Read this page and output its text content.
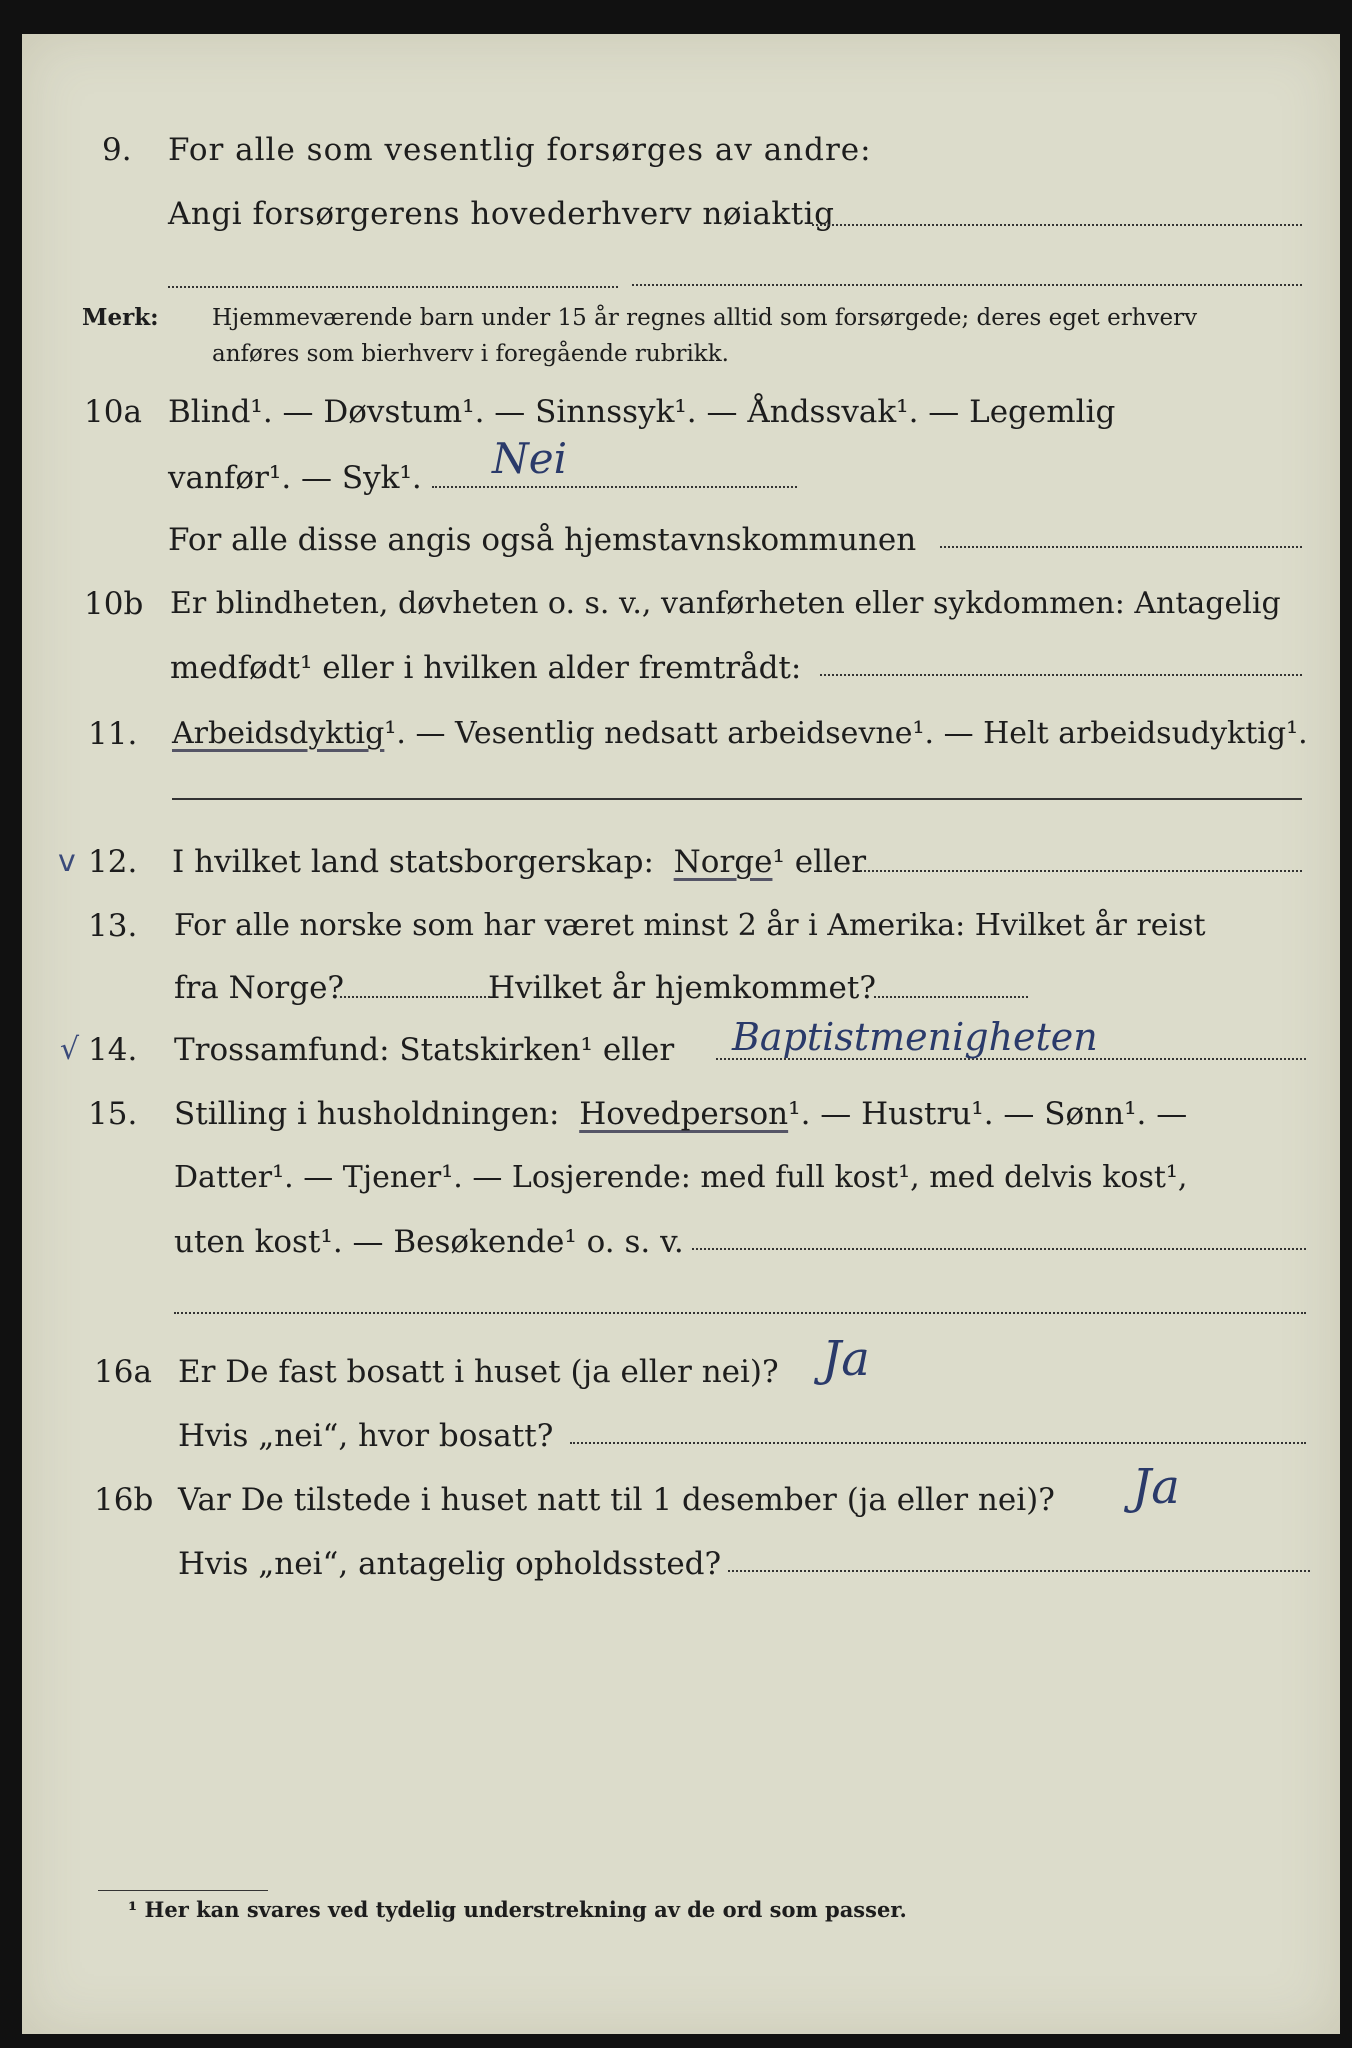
9. For alle som vesentlig forsørges av andre:
Angi forsørgerens hovederhverv nøiaktig
Merk: Hjemmeværende barn under 15 år regnes alltid som forsørgede; deres eget erhverv
anføres som bierhverv i foregående rubrikk.
10a Blind¹. — Døvstum¹. — Sinnssyk¹. — Åndssvak¹. — Legemlig
vanfør¹. — Syk¹. Nei
For alle disse angis også hjemstavnskommunen
10b Er blindheten, døvheten o. s. v., vanførheten eller sykdommen: Antagelig
medfødt¹ eller i hvilken alder fremtrådt:
11. Arbeidsdyktig¹. — Vesentlig nedsatt arbeidsevne¹. — Helt arbeidsudyktig¹.
v 12. I hvilket land statsborgerskap: Norge¹ eller
13. For alle norske som har været minst 2 år i Amerika: Hvilket år reist
fra Norge?	Hvilket år hjemkommet?
√ 14. Trossamfund: Statskirken¹ eller Baptistmenigheten
15. Stilling i husholdningen: Hovedperson¹. — Hustru¹. — Sønn¹. —
Datter¹. — Tjener¹. — Losjerende: med full kost¹, med delvis kost¹,
uten kost¹. — Besøkende¹ o. s. v.
16a Er De fast bosatt i huset (ja eller nei)? Ja
Hvis „nei“, hvor bosatt?
16b Var De tilstede i huset natt til 1 desember (ja eller nei)? Ja
Hvis „nei“, antagelig opholdssted?
¹ Her kan svares ved tydelig understrekning av de ord som passer.
